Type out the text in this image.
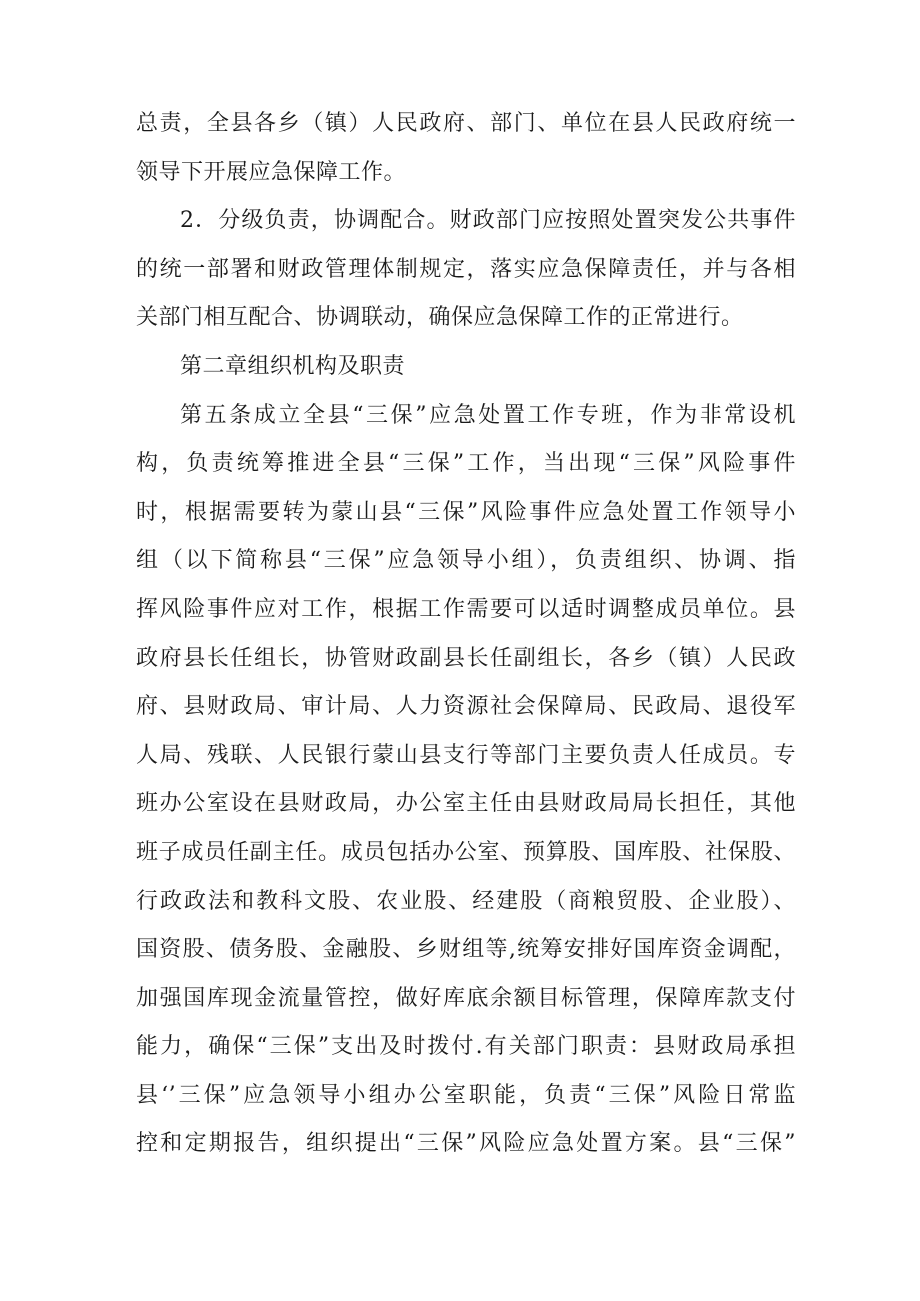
总责，全县各乡（镇）人民政府、部门、单位在县人民政府统一
领导下开展应急保障工作。
2．分级负责，协调配合。财政部门应按照处置突发公共事件
的统一部署和财政管理体制规定，落实应急保障责任，并与各相
关部门相互配合、协调联动，确保应急保障工作的正常进行。
第二章组织机构及职责
第五条成立全县“三保”应急处置工作专班，作为非常设机
构，负责统筹推进全县“三保”工作，当出现“三保”风险事件
时，根据需要转为蒙山县“三保”风险事件应急处置工作领导小
组（以下简称县“三保”应急领导小组），负责组织、协调、指
挥风险事件应对工作，根据工作需要可以适时调整成员单位。县
政府县长任组长，协管财政副县长任副组长，各乡（镇）人民政
府、县财政局、审计局、人力资源社会保障局、民政局、退役军
人局、残联、人民银行蒙山县支行等部门主要负责人任成员。专
班办公室设在县财政局，办公室主任由县财政局局长担任，其他
班子成员任副主任。成员包括办公室、预算股、国库股、社保股、
行政政法和教科文股、农业股、经建股（商粮贸股、企业股）、
国资股、债务股、金融股、乡财组等,统筹安排好国库资金调配，
加强国库现金流量管控，做好库底余额目标管理，保障库款支付
能力，确保“三保”支出及时拨付.有关部门职责：县财政局承担
县‘’三保”应急领导小组办公室职能，负责“三保”风险日常监
控和定期报告，组织提出“三保”风险应急处置方案。县“三保”
